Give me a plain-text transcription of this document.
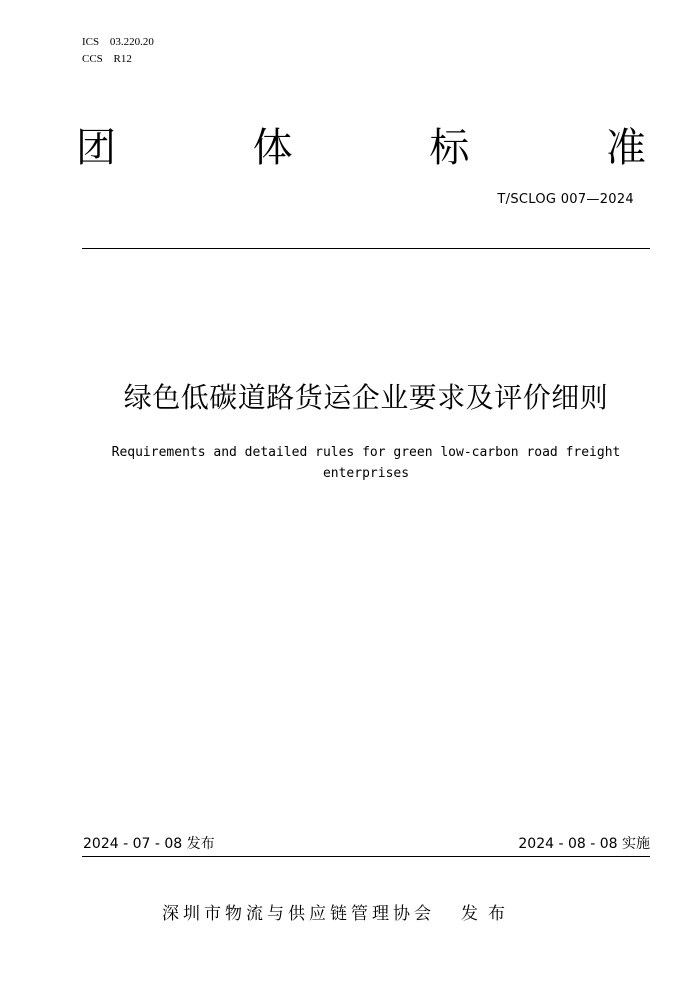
ICS 03.220.20
CCS R12
团	体	标	准
T/SCLOG 007—2024
绿色低碳道路货运企业要求及评价细则
Requirements and detailed rules for green low-carbon road freight enterprises
2024 - 07 - 08 发布	2024 - 08 - 08 实施
深圳市物流与供应链管理协会 发布
